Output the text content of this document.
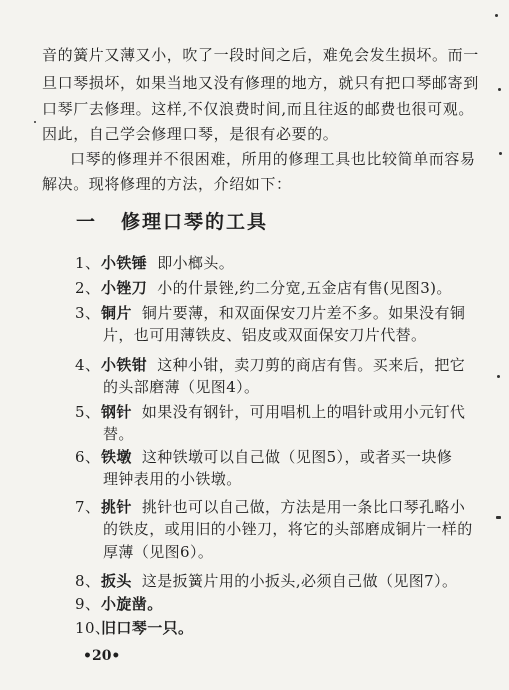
音的簧片又薄又小，吹了一段时间之后，难免会发生损坏。而一
旦口琴损坏，如果当地又没有修理的地方，就只有把口琴邮寄到
口琴厂去修理。这样,不仅浪费时间,而且往返的邮费也很可观。
因此，自己学会修理口琴，是很有必要的。
口琴的修理并不很困难，所用的修理工具也比较简单而容易
解决。现将修理的方法，介绍如下：
一 修理口琴的工具
1、小铁锤 即小榔头。
2、小锉刀 小的什景锉,约二分宽,五金店有售(见图3)。
3、铜片 铜片要薄，和双面保安刀片差不多。如果没有铜
片，也可用薄铁皮、铝皮或双面保安刀片代替。
4、小铁钳 这种小钳，卖刀剪的商店有售。买来后，把它
的头部磨薄（见图4）。
5、钢针 如果没有钢针，可用唱机上的唱针或用小元钉代
替。
6、铁墩 这种铁墩可以自己做（见图5），或者买一块修
理钟表用的小铁墩。
7、挑针 挑针也可以自己做，方法是用一条比口琴孔略小
的铁皮，或用旧的小锉刀，将它的头部磨成铜片一样的
厚薄（见图6）。
8、扳头 这是扳簧片用的小扳头,必须自己做（见图7）。
9、小旋凿。
10、旧口琴一只。
•20•
